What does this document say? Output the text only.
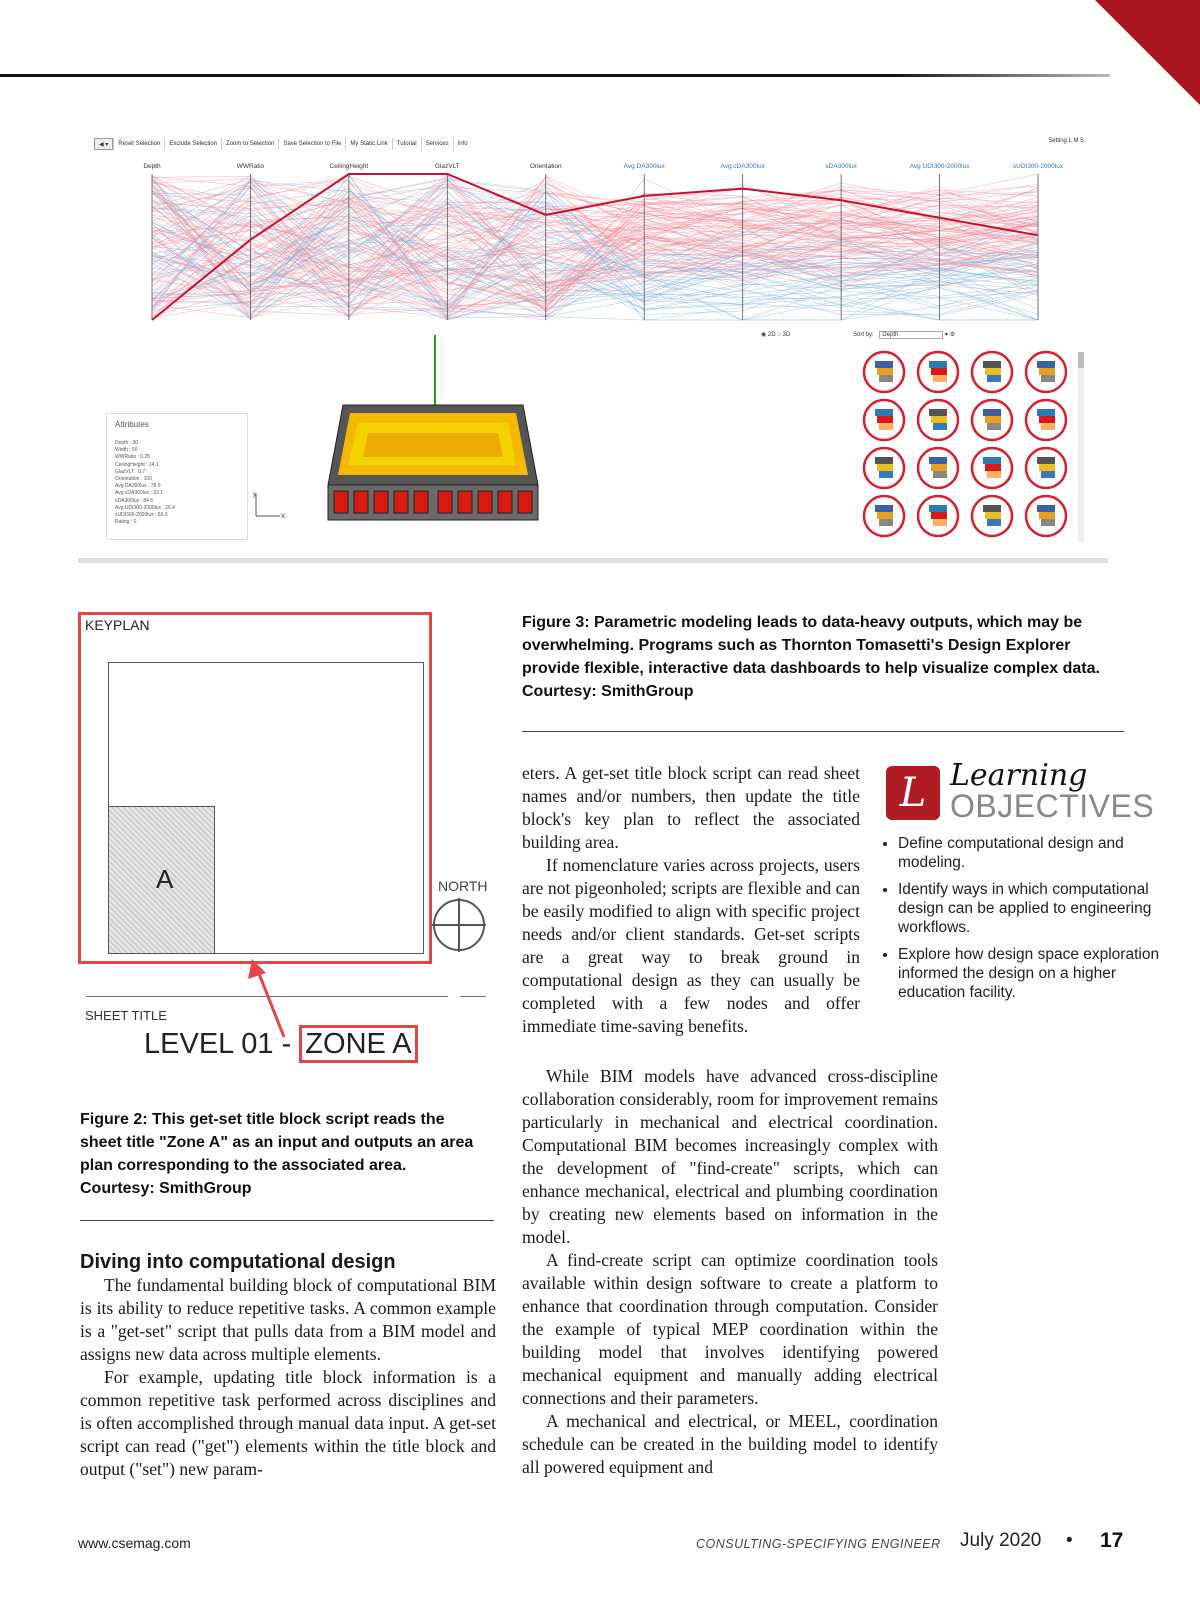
◀ ▾	Reset Selection	Exclude Selection	Zoom to Selection	Save Selection to File	My Static Link	Tutorial	Services	Info	Setting L M S
Depth	WWRatio	CeilingHeight	GlazVLT	Orientation	Avg DA300lux	Avg cDA300lux	sDA300lux	Avg UDI300-2000lux	sUDI300-2000lux
◉ 2D ○ 3D	Sort by: Depth	▾ ⚙
Attributes
Depth : 30
Width : 50
WWRatio : 0.25
CeilingHeight : 14.1
GlazVLT : 0.7
Orientation : 100
Avg DA300lux : 78.9
Avg cDA300lux : 93.1
sDA300lux : 84.6
Avg UDI300-2000lux : 26.4
sUDI300-2000lux : 56.3
Rating : 0
x
y
KEYPLAN
A	NORTH
SHEET TITLE
LEVEL 01 - ZONE A
Figure 2: This get-set title block script reads the sheet title "Zone A" as an input and outputs an area plan corresponding to the associated area. Courtesy: SmithGroup
Figure 3: Parametric modeling leads to data-heavy outputs, which may be overwhelming. Programs such as Thornton Tomasetti's Design Explorer provide flexible, interactive data dashboards to help visualize complex data. Courtesy: SmithGroup
Diving into computational design

The fundamental building block of computational BIM is its ability to reduce repetitive tasks. A common example is a "get-set" script that pulls data from a BIM model and assigns new data across multiple elements.

For example, updating title block information is a common repetitive task performed across disciplines and is often accomplished through manual data input. A get-set script can read ("get") elements within the title block and output ("set") new param-

eters. A get-set title block script can read sheet names and/or numbers, then update the title block's key plan to reflect the associated building area.

If nomenclature varies across projects, users are not pigeonholed; scripts are flexible and can be easily modified to align with specific project needs and/or client standards. Get-set scripts are a great way to break ground in computational design as they can usually be completed with a few nodes and offer immediate time-saving benefits.

While BIM models have advanced cross-discipline collaboration considerably, room for improvement remains particularly in mechanical and electrical coordination. Computational BIM becomes increasingly complex with the development of "find-create" scripts, which can enhance mechanical, electrical and plumbing coordination by creating new elements based on information in the model.

A find-create script can optimize coordination tools available within design software to create a platform to enhance that coordination through computation. Consider the example of typical MEP coordination within the building model that involves identifying powered mechanical equipment and manually adding electrical connections and their parameters.

A mechanical and electrical, or MEEL, coordination schedule can be created in the building model to identify all powered equipment and

L Learning
OBJECTIVES
• Define computational design and modeling.
• Identify ways in which computational design can be applied to engineering workflows.
• Explore how design space exploration informed the design on a higher education facility.
www.csemag.com	CONSULTING-SPECIFYING ENGINEER July 2020 • 17
